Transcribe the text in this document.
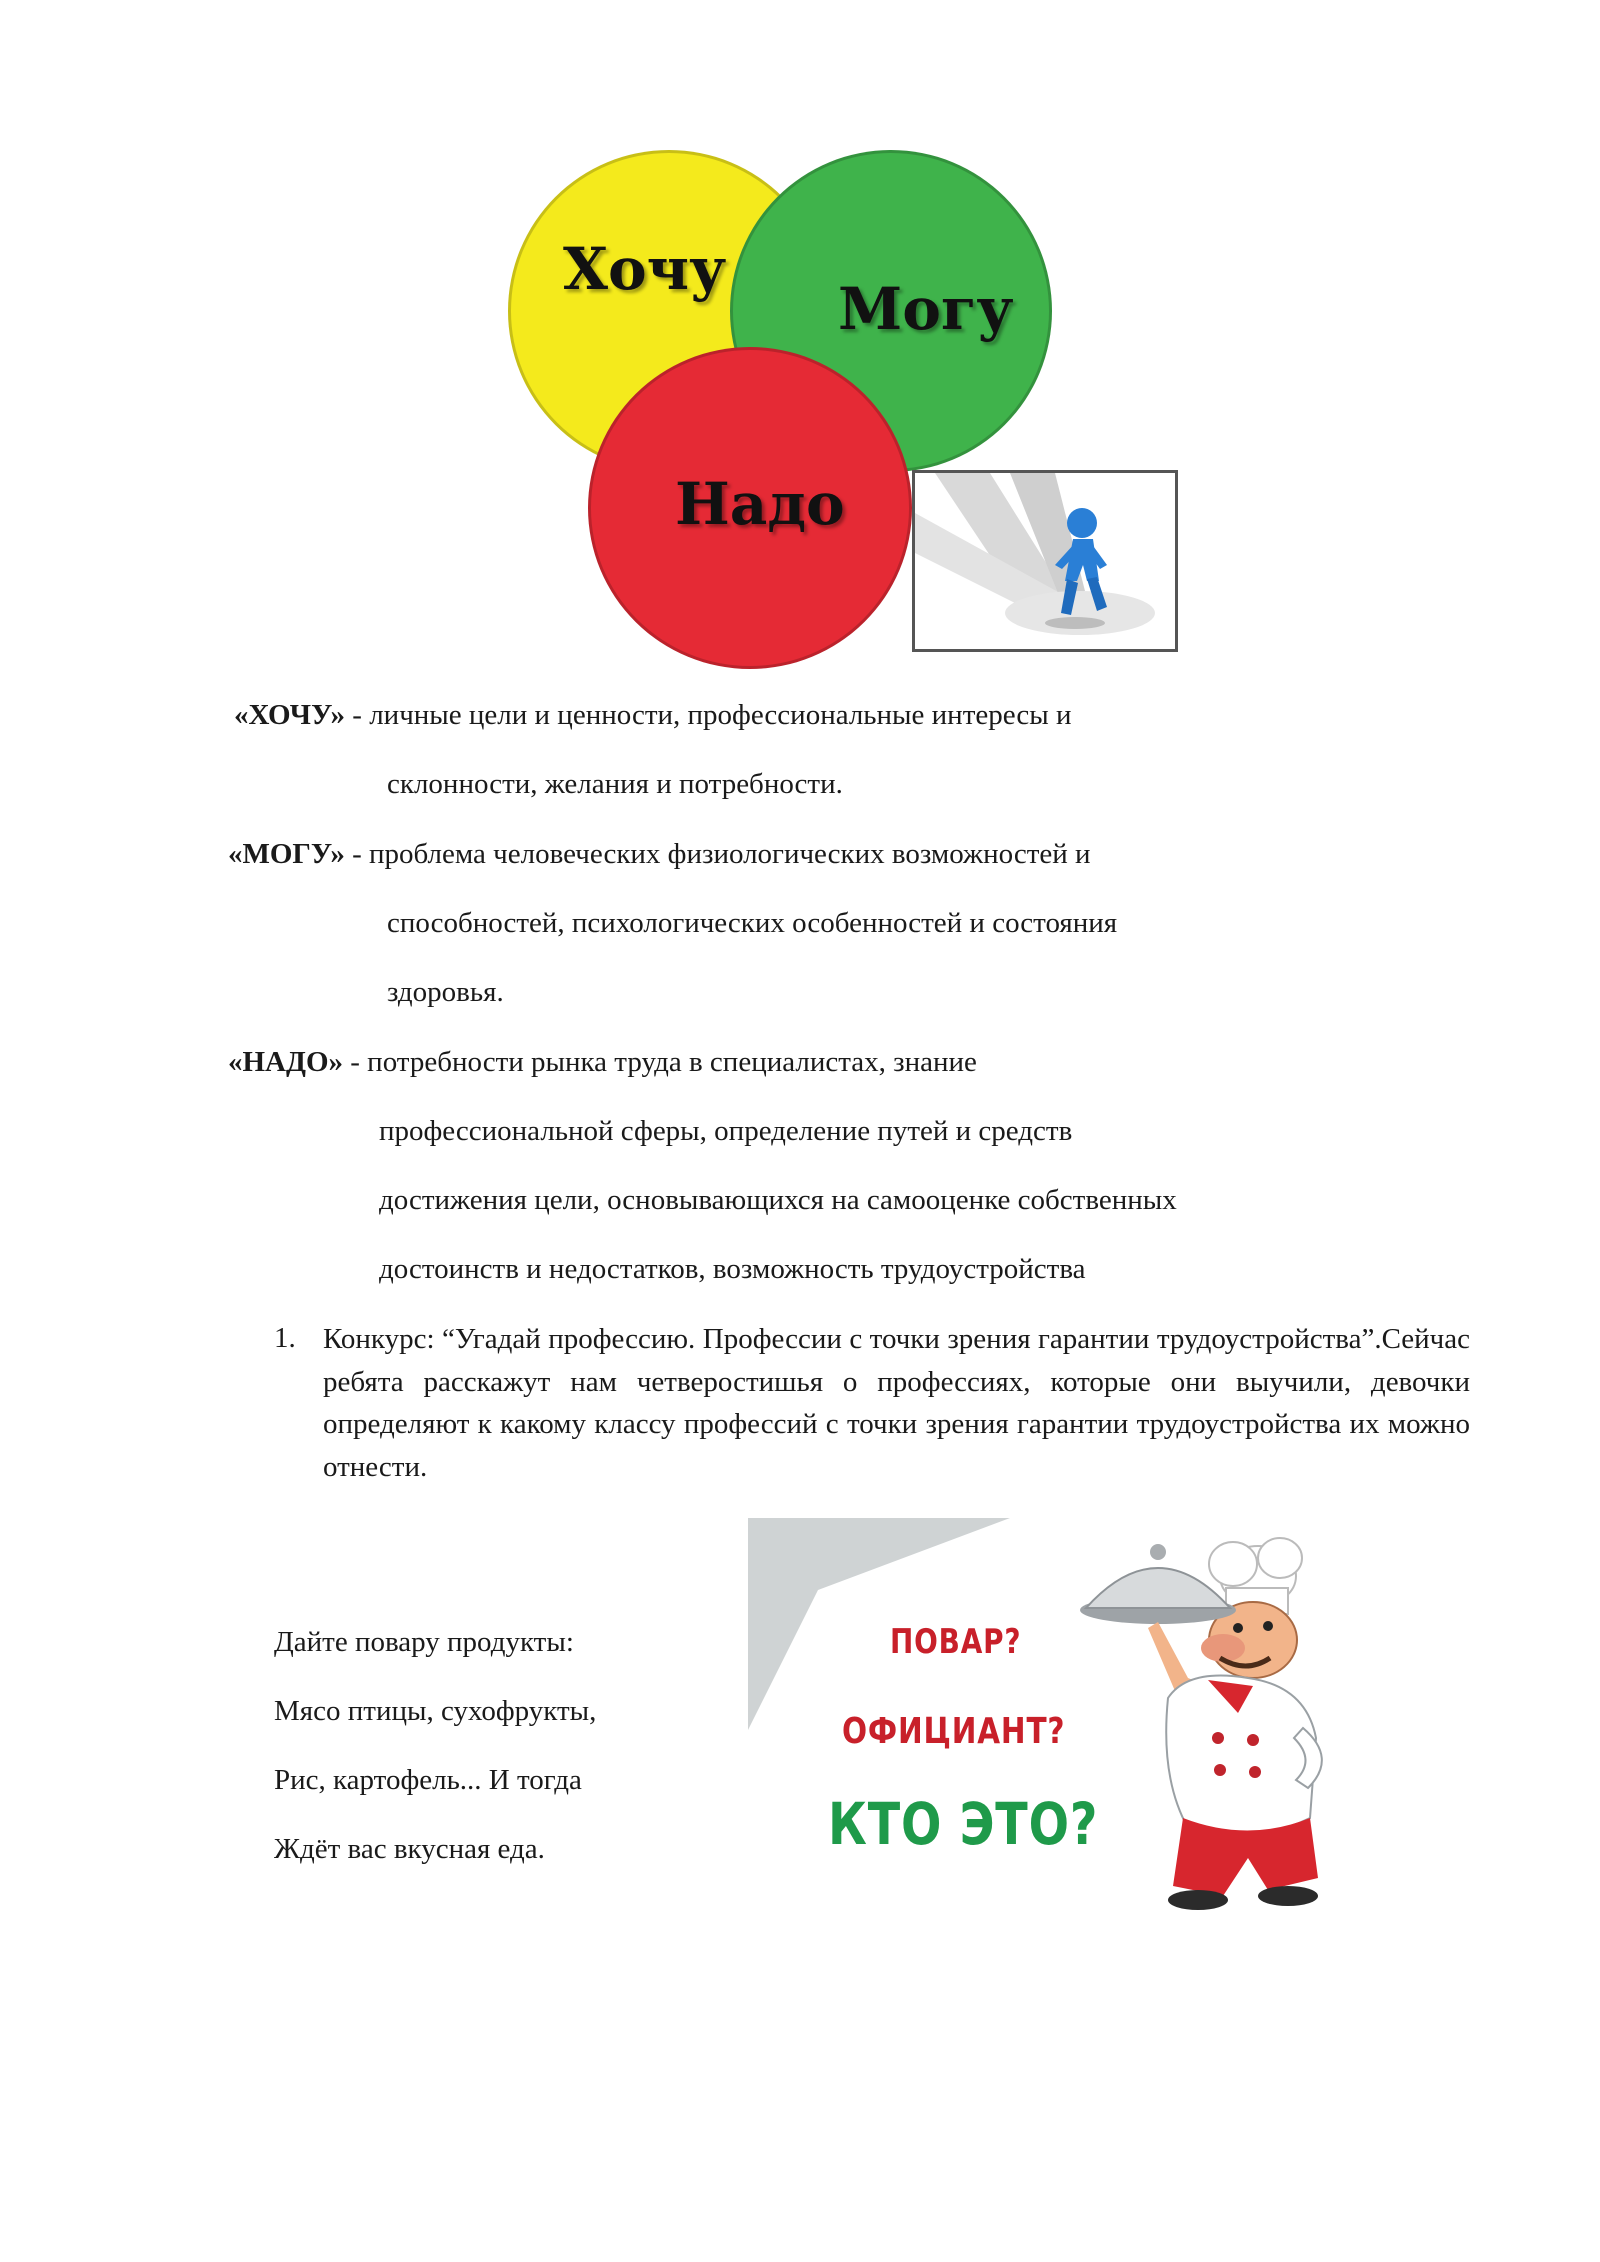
Хочу
Могу
Надо
«ХОЧУ» - личные цели и ценности, профессиональные интересы и
склонности, желания и потребности.
«МОГУ» - проблема человеческих физиологических возможностей и
способностей, психологических особенностей и состояния
здоровья.
«НАДО» - потребности рынка труда в специалистах, знание
профессиональной сферы, определение путей и средств
достижения цели, основывающихся на самооценке собственных
достоинств и недостатков, возможность трудоустройства
1. Конкурс: “Угадай профессию. Профессии с точки зрения гарантии трудоустройства”.Сейчас ребята расскажут нам четверостишья о профессиях, которые они выучили, девочки определяют к какому классу профессий с точки зрения гарантии трудоустройства их можно отнести.
Дайте повару продукты:
Мясо птицы, сухофрукты,
Рис, картофель... И тогда
Ждёт вас вкусная еда.
ПОВАР?
ОФИЦИАНТ?
КТО ЭТО?
